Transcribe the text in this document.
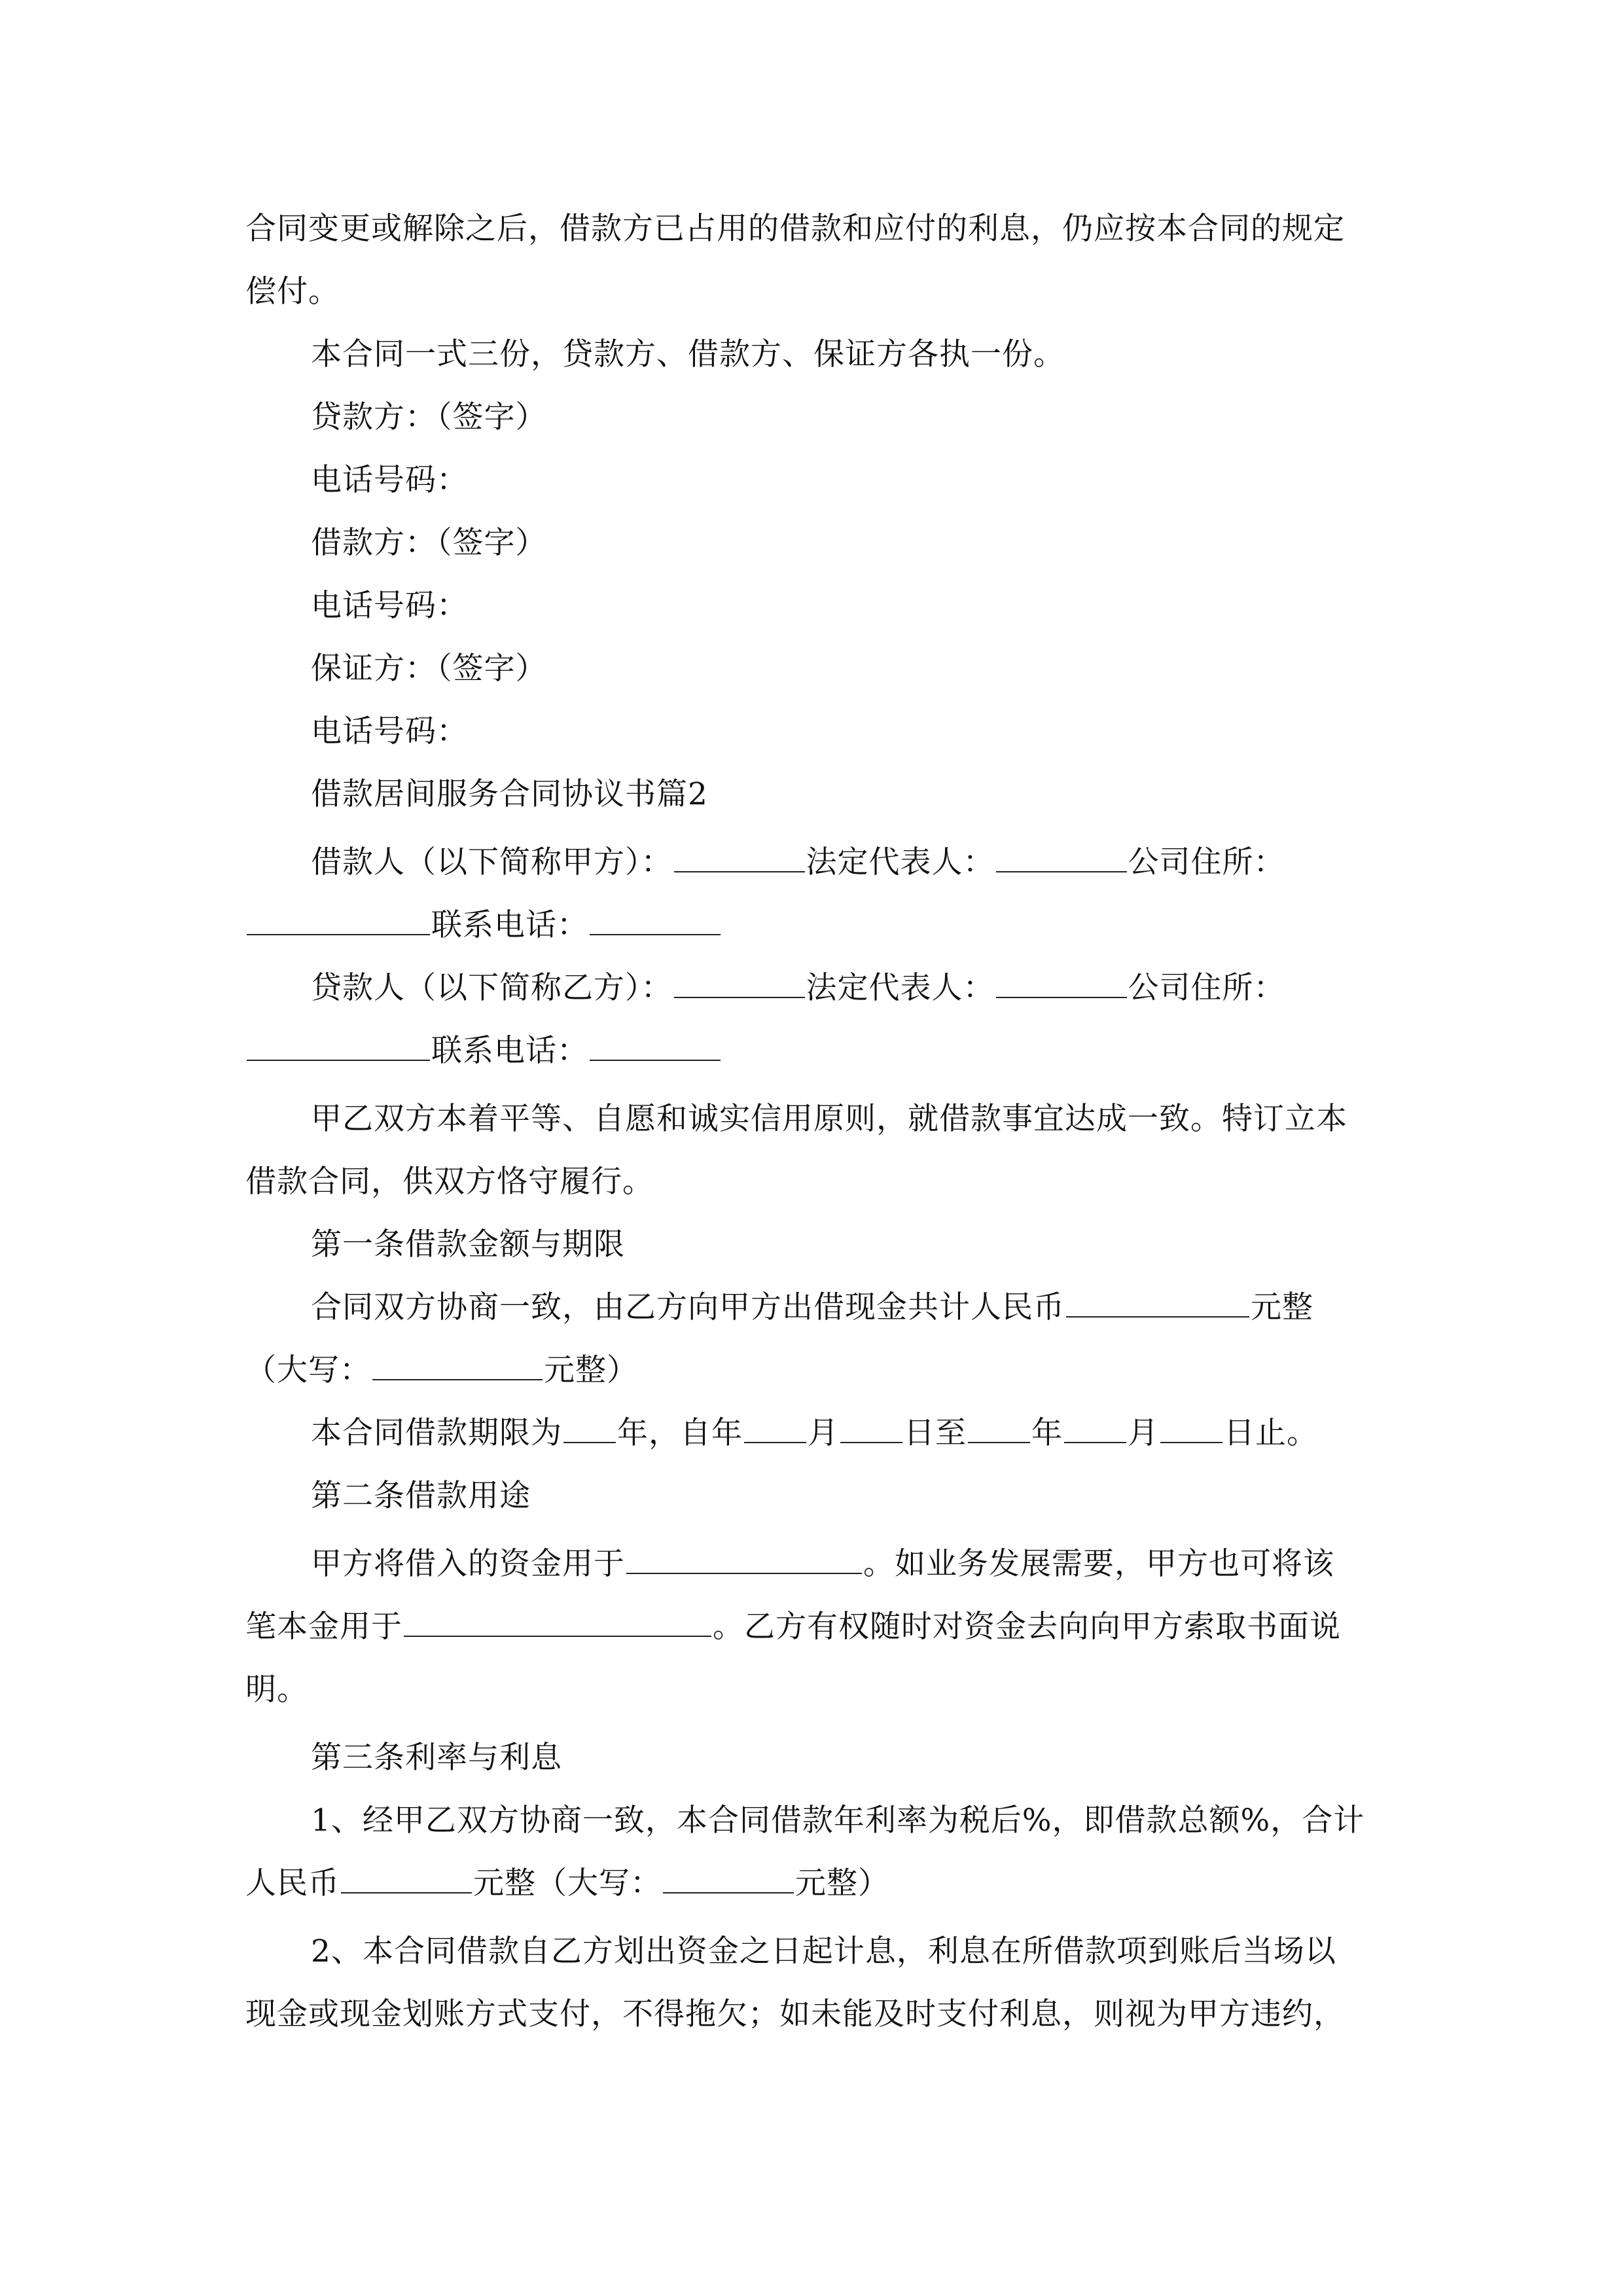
合同变更或解除之后，借款方已占用的借款和应付的利息，仍应按本合同的规定
偿付。
本合同一式三份，贷款方、借款方、保证方各执一份。
贷款方：（签字）
电话号码：
借款方：（签字）
电话号码：
保证方：（签字）
电话号码：
借款居间服务合同协议书篇2
借款人（以下简称甲方）：	法定代表人：	公司住所：
联系电话：
贷款人（以下简称乙方）：	法定代表人：	公司住所：
联系电话：
甲乙双方本着平等、自愿和诚实信用原则，就借款事宜达成一致。特订立本
借款合同，供双方恪守履行。
第一条借款金额与期限
合同双方协商一致，由乙方向甲方出借现金共计人民币	元整
（大写：	元整）
本合同借款期限为 年，自年 月 日至 年 月 日止。
第二条借款用途
甲方将借入的资金用于	。如业务发展需要，甲方也可将该
笔本金用于	。乙方有权随时对资金去向向甲方索取书面说
明。
第三条利率与利息
1、经甲乙双方协商一致，本合同借款年利率为税后%，即借款总额%，合计
人民币	元整（大写：	元整）
2、本合同借款自乙方划出资金之日起计息，利息在所借款项到账后当场以
现金或现金划账方式支付，不得拖欠；如未能及时支付利息，则视为甲方违约，
